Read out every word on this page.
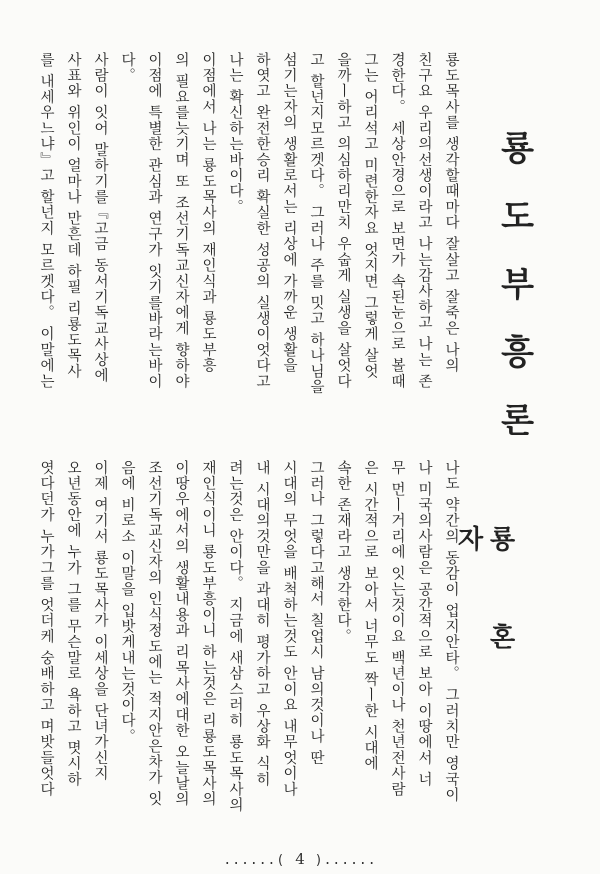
룡도부흥론
룡혼자
룡도목사를 생각할때마다 잘살고 잘죽은 나의
친구요 우리의선생이라고 나는감사하고 나는 존
경한다。 세상안경으로 보면가 속된눈으로 볼때
그는 어리석고 미련한자요 엇지면 그렇게 살엇
을까ㅣ하고 의심하리만치 우숩게 실생을 살엇다
고 할넌지모르겟다。 그러나 주를 밋고 하나님을
섬기는자의 생활로서는 리상에 가까운 생활을
하엿고 완전한승리 확실한 성공의 실생이엇다고
나는 확신하는바이다。
이점에서 나는 룡도목사의 재인식과 룡도부흥
의 필요를늣기며 또 조선기독교신자에게 향하야
이점에 특별한 관심과 연구가 잇기를바라는바이
다。
사람이 잇어 말하기를『고금 동서기독교사상에
사표와 위인이 얼마나 만흔데 하필 리룡도목사
를 내세우느냐』고 할넌지 모르겟다。 이말에는
나도 약간의 동감이 업지안타。 그러치만 영국이
나 미국의사람은 공간적으로 보아 이땅에서 너
무 먼ㅣ거리에 잇는것이요 백년이나 천년전사람
은 시간적으로 보아서 너무도 짝ㅣ한 시대에
속한 존재라고 생각한다。
그러나 그렇다고해서 칠업시 남의것이나 딴
시대의 무엇을 배척하는것도 안이요 내무엇이나
내 시대의것만을 과대히 평가하고 우상화 식히
려는것은 안이다。 지금에 새삼스러히 룡도목사의
재인식이니 룡도부흥이니 하는것은 리룡도목사의
이땅우에서의 생활내용과 리목사에대한 오늘날의
조선기독교신자의 인식정도에는 적지안은차가 잇
음에 비로소 이말을 입밧게내는것이다。
이제 여기서 룡도목사가 이세상을 단녀가신지
오년동안에 누가 그를 무슨말로 욕하고 몃시하
엿다던가 누가그를 엇더케 숭배하고 며밧들엇다
......( 4 )......
